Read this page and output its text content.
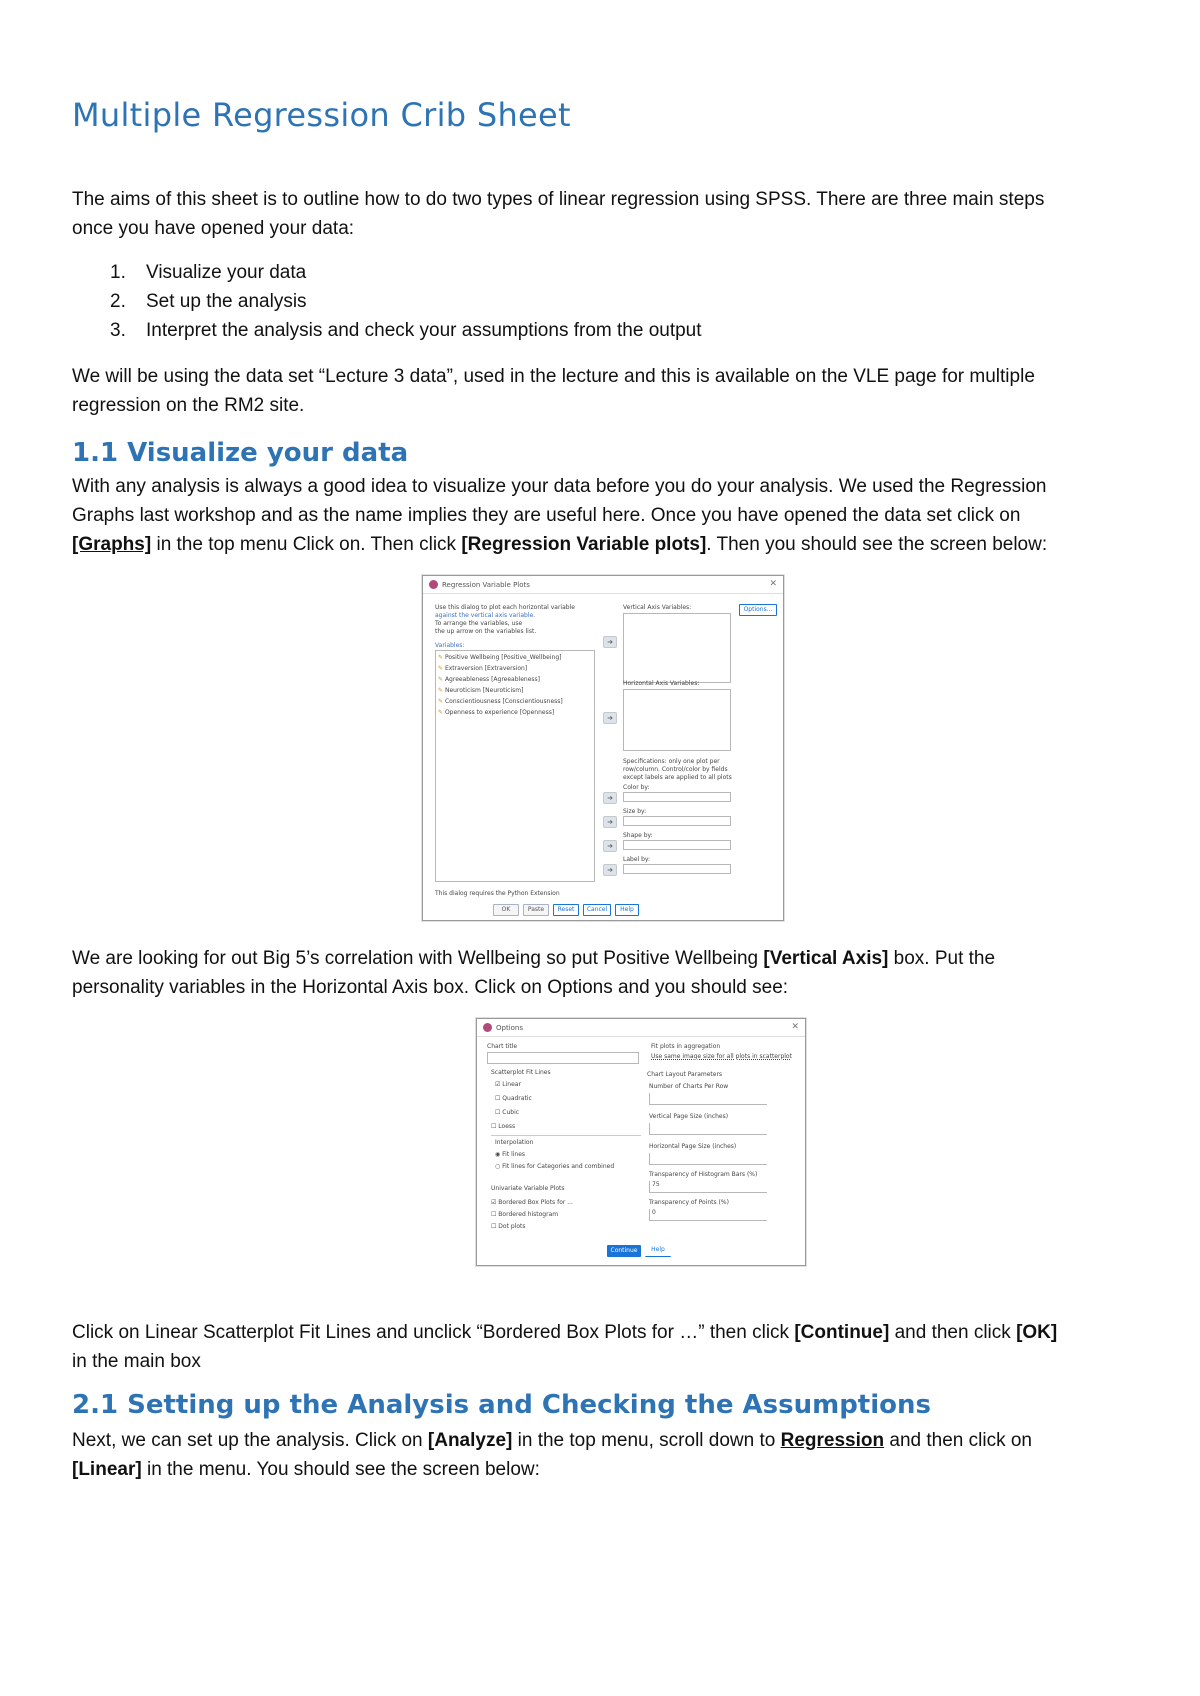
Multiple Regression Crib Sheet

The aims of this sheet is to outline how to do two types of linear regression using SPSS. There are three main steps
once you have opened your data:

1. Visualize your data
2. Set up the analysis
3. Interpret the analysis and check your assumptions from the output

We will be using the data set “Lecture 3 data”, used in the lecture and this is available on the VLE page for multiple
regression on the RM2 site.

1.1 Visualize your data

With any analysis is always a good idea to visualize your data before you do your analysis. We used the Regression
Graphs last workshop and as the name implies they are useful here. Once you have opened the data set click on
[Graphs] in the top menu Click on. Then click [Regression Variable plots]. Then you should see the screen below:

Regression Variable Plots	✕
Use this dialog to plot each horizontal variable
against the vertical axis variable.
To arrange the variables, use
the up arrow on the variables list.
Variables:
✎ Positive Wellbeing [Positive_Wellbeing]
✎ Extraversion [Extraversion]
✎ Agreeableness [Agreeableness]
✎ Neuroticism [Neuroticism]
✎ Conscientiousness [Conscientiousness]
✎ Openness to experience [Openness]
➜
➜
➜
➜
➜
➜
Vertical Axis Variables:	Options...
Horizontal Axis Variables:
Specifications: only one plot per
row/column. Control/color by fields
except labels are applied to all plots
Color by:
Size by:
Shape by:
Label by:
This dialog requires the Python Extension
OK	Paste	Reset	Cancel	Help

We are looking for out Big 5’s correlation with Wellbeing so put Positive Wellbeing [Vertical Axis] box. Put the
personality variables in the Horizontal Axis box. Click on Options and you should see:

Options	✕
Chart title
Scatterplot Fit Lines
☑ Linear
☐ Quadratic
☐ Cubic
☐ Loess
Interpolation
◉ Fit lines
○ Fit lines for Categories and combined
Univariate Variable Plots
☑ Bordered Box Plots for ...
☐ Bordered histogram
☐ Dot plots
Fit plots in aggregation
Use same image size for all plots in scatterplot
Chart Layout Parameters
Number of Charts Per Row
Vertical Page Size (inches)
Horizontal Page Size (inches)
Transparency of Histogram Bars (%)
75
Transparency of Points (%)
0
Continue	Help

Click on Linear Scatterplot Fit Lines and unclick “Bordered Box Plots for …” then click [Continue] and then click [OK]
in the main box

2.1 Setting up the Analysis and Checking the Assumptions

Next, we can set up the analysis. Click on [Analyze] in the top menu, scroll down to Regression and then click on
[Linear] in the menu. You should see the screen below:
